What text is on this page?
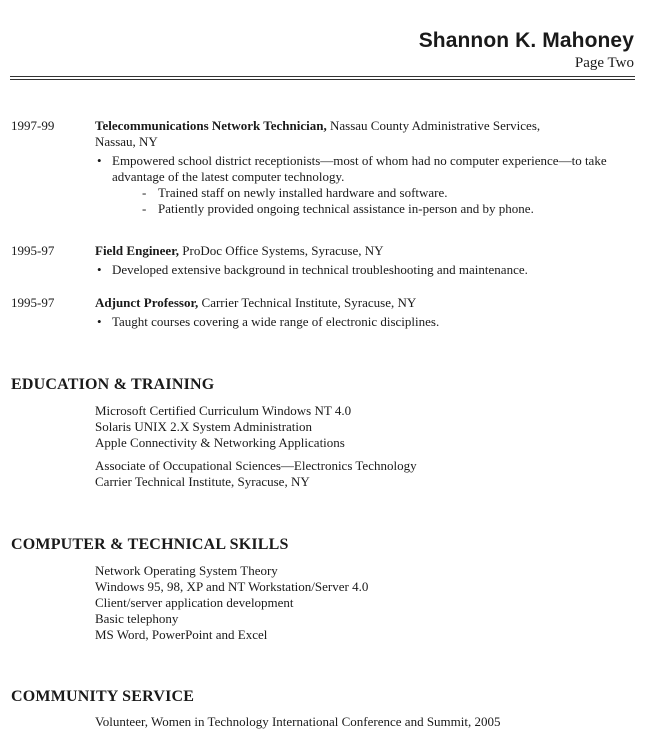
Shannon K. Mahoney
Page Two
1997-99	Telecommunications Network Technician, Nassau County Administrative Services,
Nassau, NY
• Empowered school district receptionists—most of whom had no computer experience—to take advantage of the latest computer technology.
- Trained staff on newly installed hardware and software.
- Patiently provided ongoing technical assistance in-person and by phone.
1995-97	Field Engineer, ProDoc Office Systems, Syracuse, NY
• Developed extensive background in technical troubleshooting and maintenance.
1995-97	Adjunct Professor, Carrier Technical Institute, Syracuse, NY
• Taught courses covering a wide range of electronic disciplines.
EDUCATION & TRAINING
Microsoft Certified Curriculum Windows NT 4.0
Solaris UNIX 2.X System Administration
Apple Connectivity & Networking Applications
Associate of Occupational Sciences—Electronics Technology
Carrier Technical Institute, Syracuse, NY
COMPUTER & TECHNICAL SKILLS
Network Operating System Theory
Windows 95, 98, XP and NT Workstation/Server 4.0
Client/server application development
Basic telephony
MS Word, PowerPoint and Excel
COMMUNITY SERVICE
Volunteer, Women in Technology International Conference and Summit, 2005
